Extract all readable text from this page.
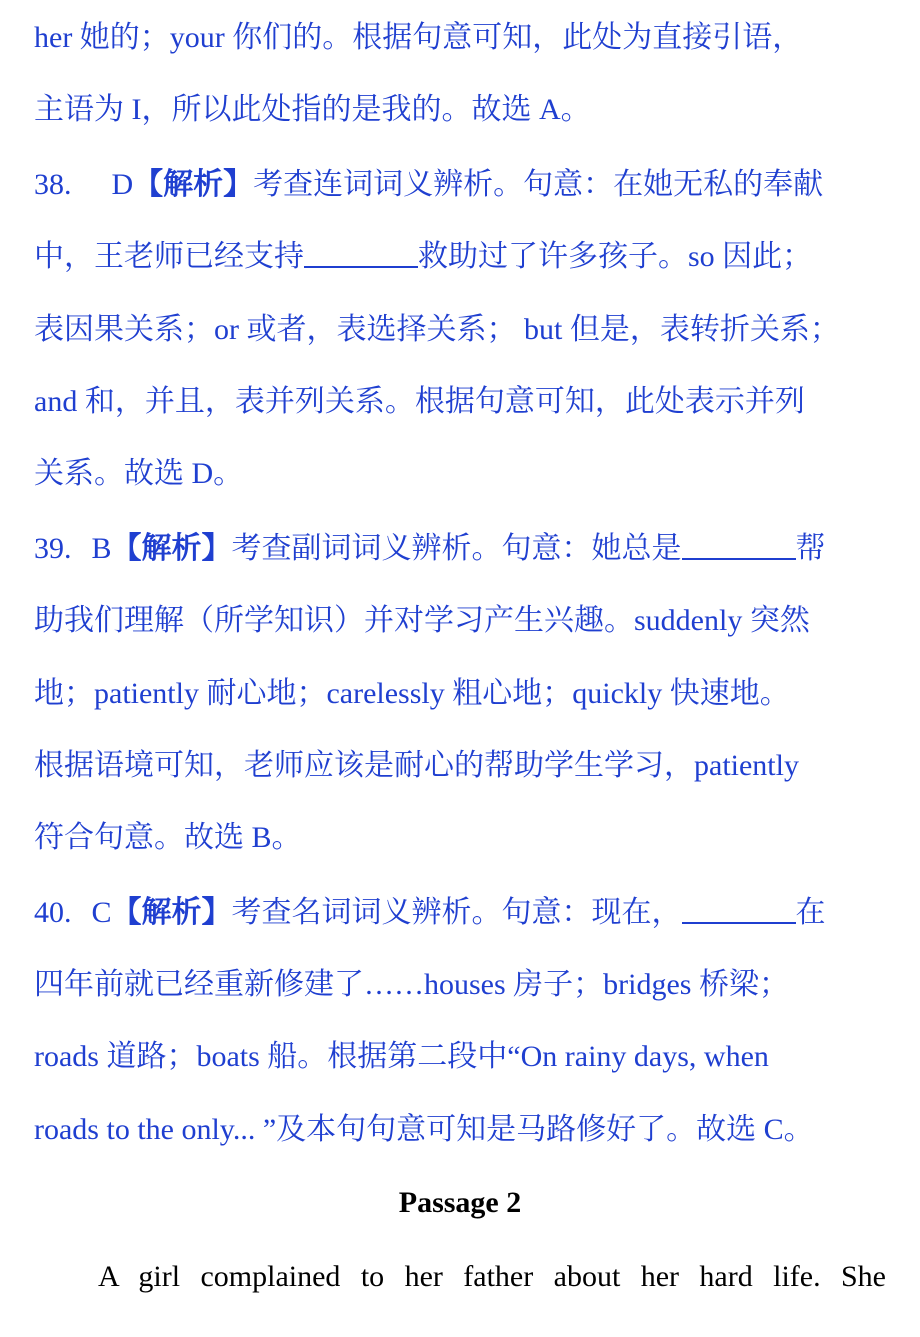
her 她的；your 你们的。根据句意可知，此处为直接引语，
主语为 I，所以此处指的是我的。故选 A。
38. D【解析】考查连词词义辨析。句意：在她无私的奉献
中，王老师已经支持	救助过了许多孩子。so 因此；
表因果关系；or 或者，表选择关系； but 但是，表转折关系；
and 和，并且，表并列关系。根据句意可知，此处表示并列
关系。故选 D。
39. B【解析】考查副词词义辨析。句意：她总是	帮
助我们理解（所学知识）并对学习产生兴趣。suddenly 突然
地；patiently 耐心地；carelessly 粗心地；quickly 快速地。
根据语境可知，老师应该是耐心的帮助学生学习，patiently
符合句意。故选 B。
40. C【解析】考查名词词义辨析。句意：现在，	在
四年前就已经重新修建了……houses 房子；bridges 桥梁；
roads 道路；boats 船。根据第二段中“On rainy days, when
roads to the only... ”及本句句意可知是马路修好了。故选 C。
Passage 2
A girl complained to her father about her hard life. She
